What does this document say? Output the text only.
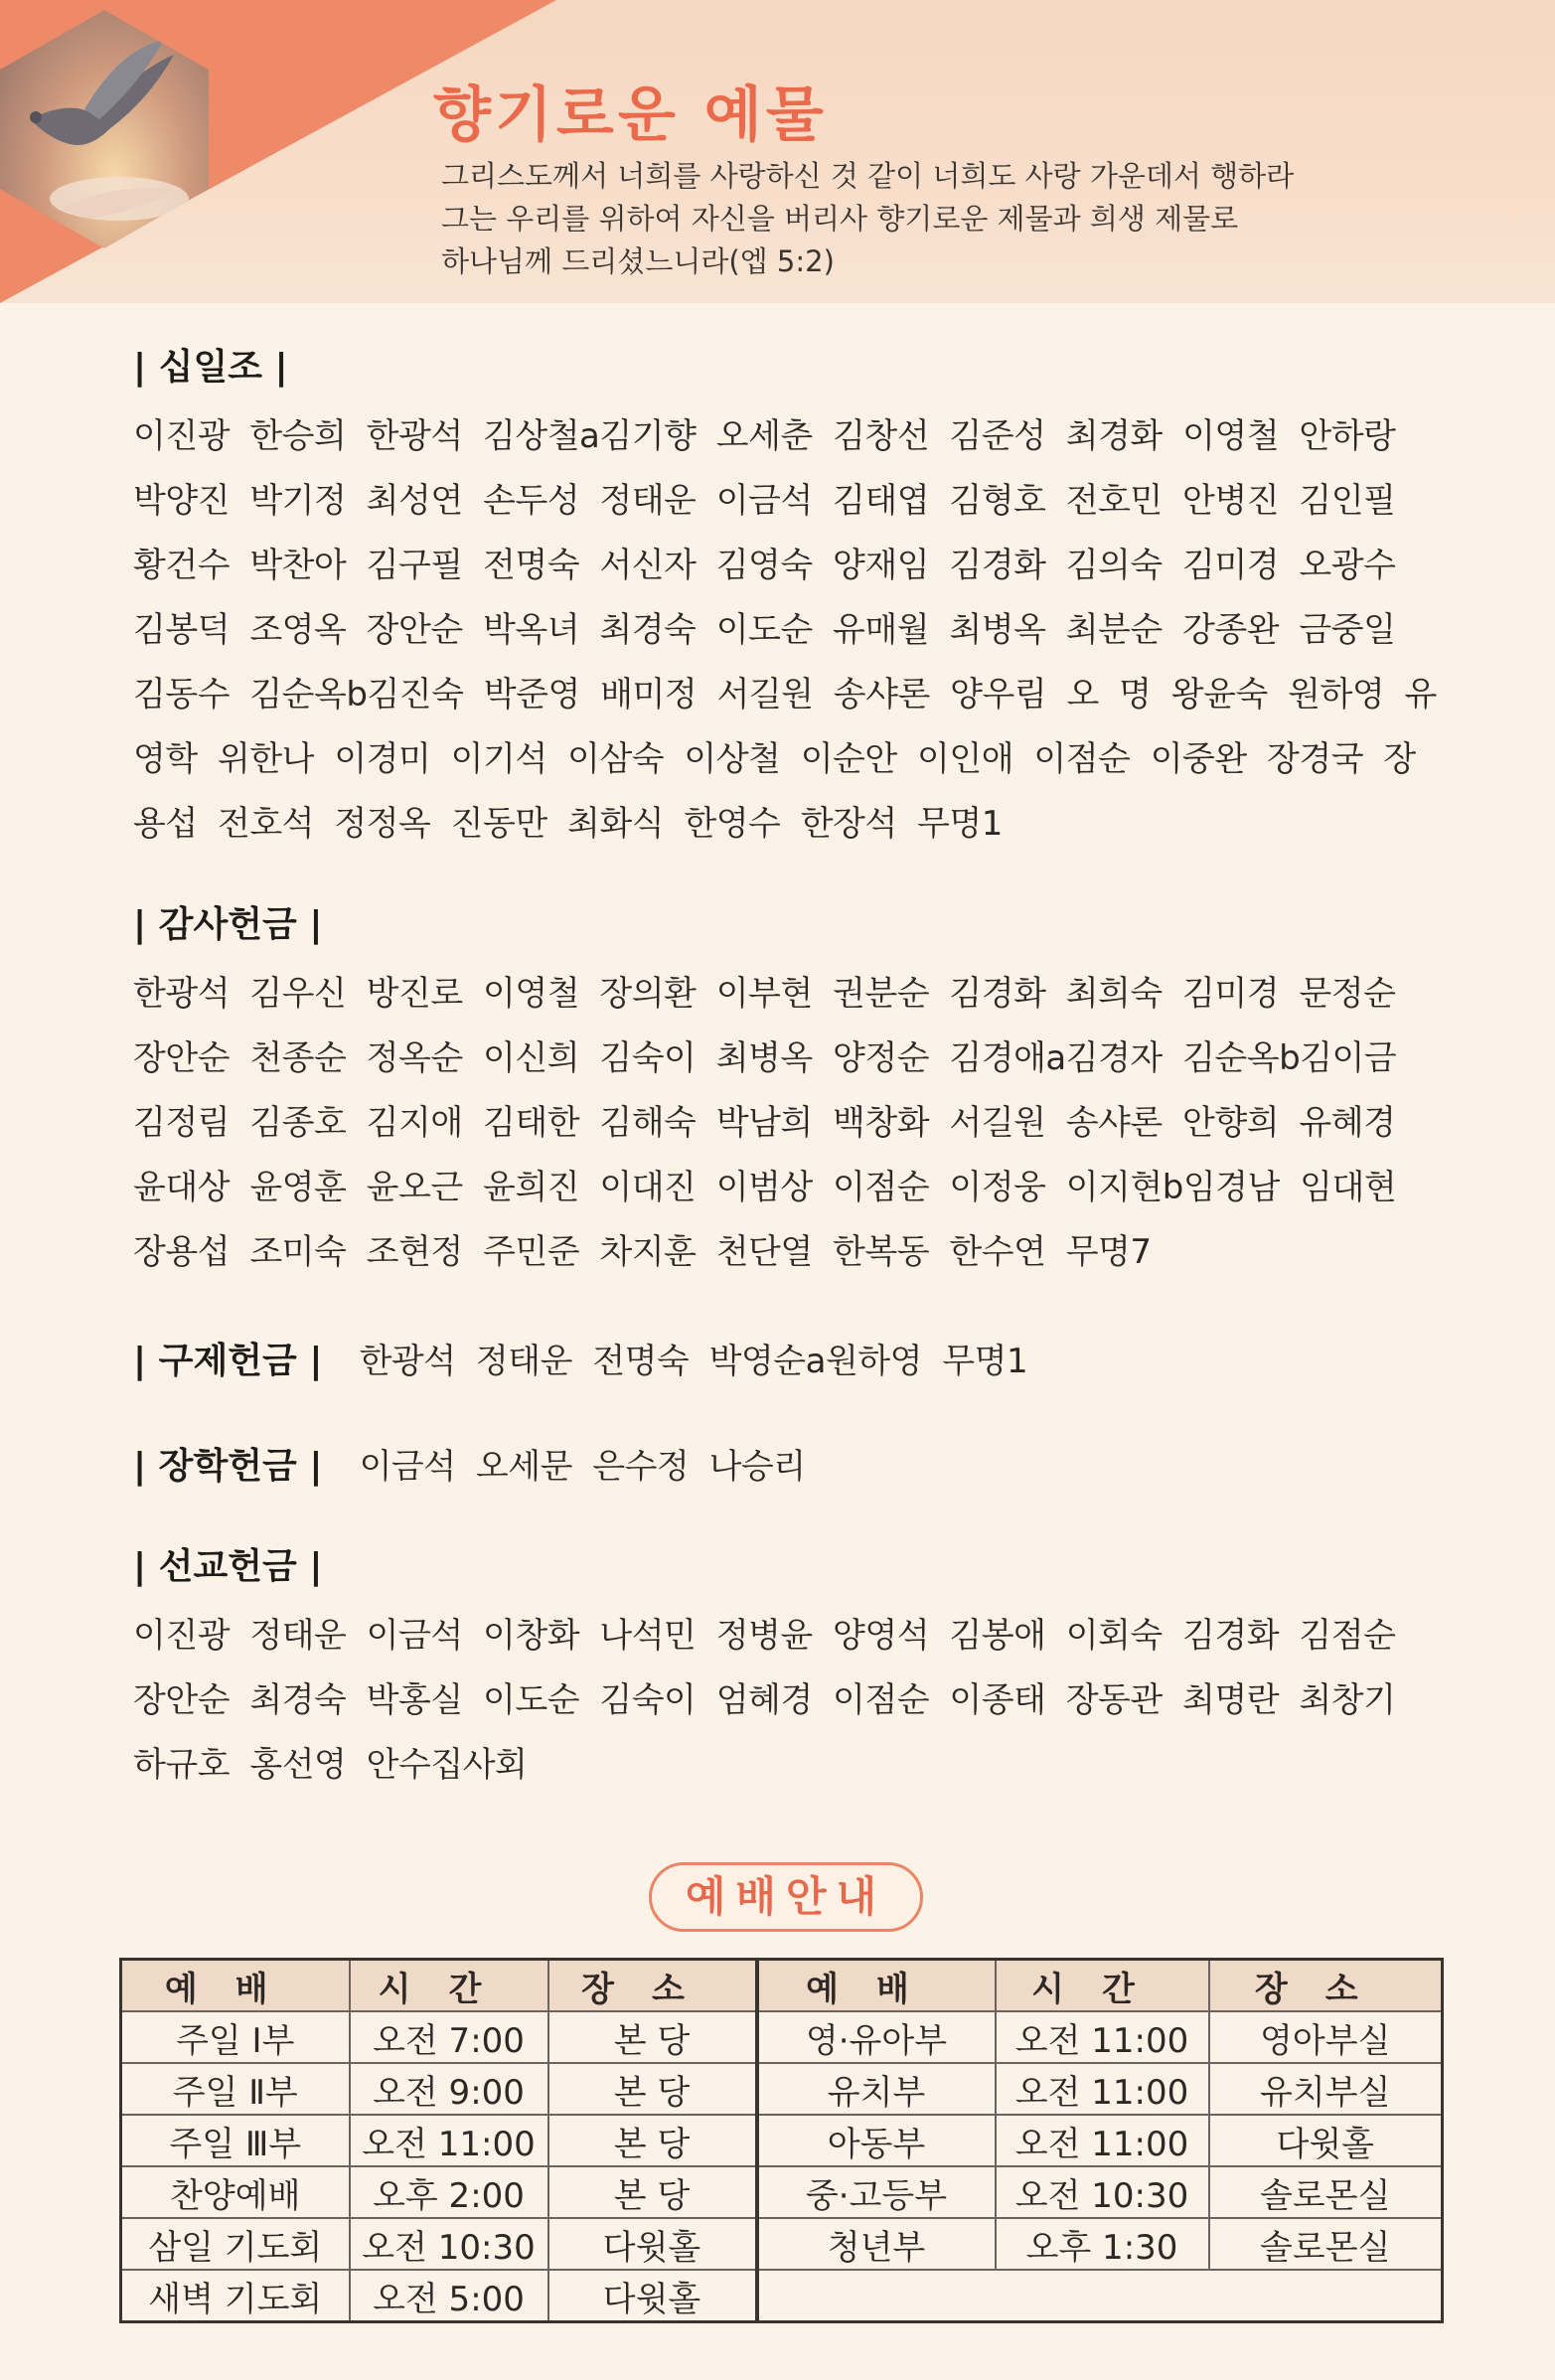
향기로운 예물
그리스도께서 너희를 사랑하신 것 같이 너희도 사랑 가운데서 행하라
그는 우리를 위하여 자신을 버리사 향기로운 제물과 희생 제물로
하나님께 드리셨느니라(엡 5:2)
| 십일조 |
이진광 한승희 한광석 김상철a김기향 오세춘 김창선 김준성 최경화 이영철 안하랑 박양진 박기정 최성연 손두성 정태운 이금석 김태엽 김형호 전호민 안병진 김인필 황건수 박찬아 김구필 전명숙 서신자 김영숙 양재임 김경화 김의숙 김미경 오광수 김봉덕 조영옥 장안순 박옥녀 최경숙 이도순 유매월 최병옥 최분순 강종완 금중일 김동수 김순옥b김진숙 박준영 배미정 서길원 송샤론 양우림 오 명 왕윤숙 원하영 유영학 위한나 이경미 이기석 이삼숙 이상철 이순안 이인애 이점순 이중완 장경국 장용섭 전호석 정정옥 진동만 최화식 한영수 한장석 무명1
| 감사헌금 |
한광석 김우신 방진로 이영철 장의환 이부현 권분순 김경화 최희숙 김미경 문정순 장안순 천종순 정옥순 이신희 김숙이 최병옥 양정순 김경애a김경자 김순옥b김이금 김정림 김종호 김지애 김태한 김해숙 박남희 백창화 서길원 송샤론 안향희 유혜경 윤대상 윤영훈 윤오근 윤희진 이대진 이범상 이점순 이정웅 이지현b임경남 임대현 장용섭 조미숙 조현정 주민준 차지훈 천단열 한복동 한수연 무명7
| 구제헌금 | 한광석 정태운 전명숙 박영순a원하영 무명1
| 장학헌금 | 이금석 오세문 은수정 나승리
| 선교헌금 |
이진광 정태운 이금석 이창화 나석민 정병윤 양영석 김봉애 이회숙 김경화 김점순 장안순 최경숙 박홍실 이도순 김숙이 엄혜경 이점순 이종태 장동관 최명란 최창기 하규호 홍선영 안수집사회
예배안내
예배	시간	장소	예배	시간	장소
주일 Ⅰ부	오전 7:00	본 당	영·유아부	오전 11:00	영아부실
주일 Ⅱ부	오전 9:00	본 당	유치부	오전 11:00	유치부실
주일 Ⅲ부	오전 11:00	본 당	아동부	오전 11:00	다윗홀
찬양예배	오후 2:00	본 당	중·고등부	오전 10:30	솔로몬실
삼일 기도회	오전 10:30	다윗홀	청년부	오후 1:30	솔로몬실
새벽 기도회	오전 5:00	다윗홀			
